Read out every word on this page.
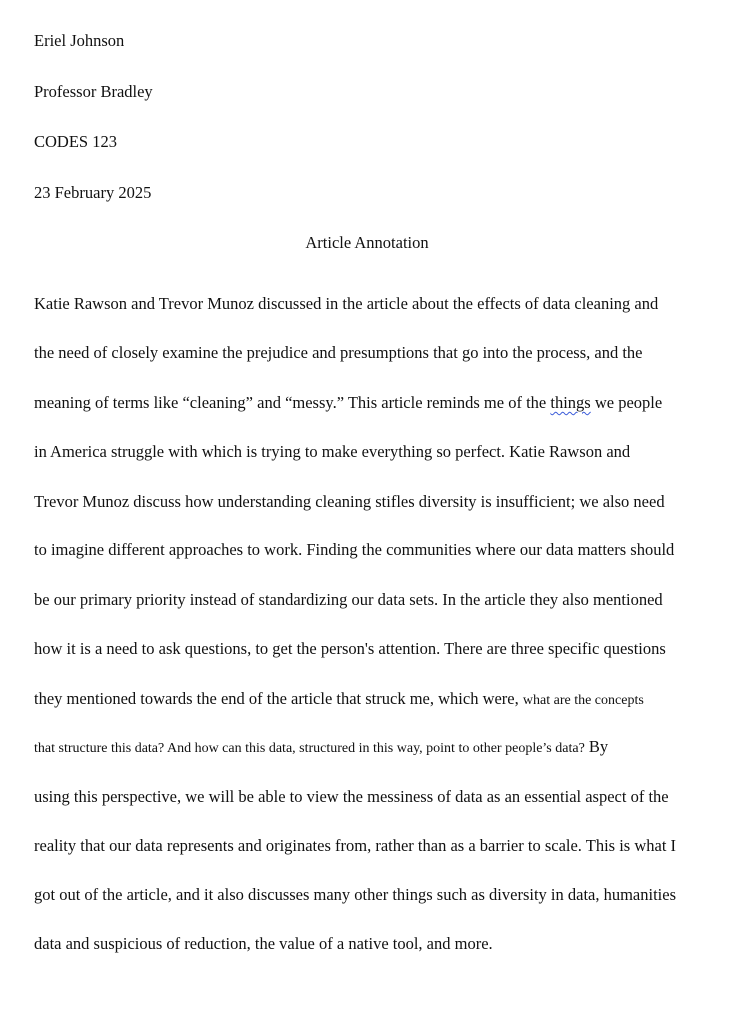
Eriel Johnson
Professor Bradley
CODES 123
23 February 2025
Article Annotation
Katie Rawson and Trevor Munoz discussed in the article about the effects of data cleaning and
the need of closely examine the prejudice and presumptions that go into the process, and the
meaning of terms like “cleaning” and “messy.” This article reminds me of the things we people
in America struggle with which is trying to make everything so perfect. Katie Rawson and
Trevor Munoz discuss how understanding cleaning stifles diversity is insufficient; we also need
to imagine different approaches to work. Finding the communities where our data matters should
be our primary priority instead of standardizing our data sets. In the article they also mentioned
how it is a need to ask questions, to get the person's attention. There are three specific questions
they mentioned towards the end of the article that struck me, which were, what are the concepts
that structure this data? And how can this data, structured in this way, point to other people’s data? By
using this perspective, we will be able to view the messiness of data as an essential aspect of the
reality that our data represents and originates from, rather than as a barrier to scale. This is what I
got out of the article, and it also discusses many other things such as diversity in data, humanities
data and suspicious of reduction, the value of a native tool, and more.
